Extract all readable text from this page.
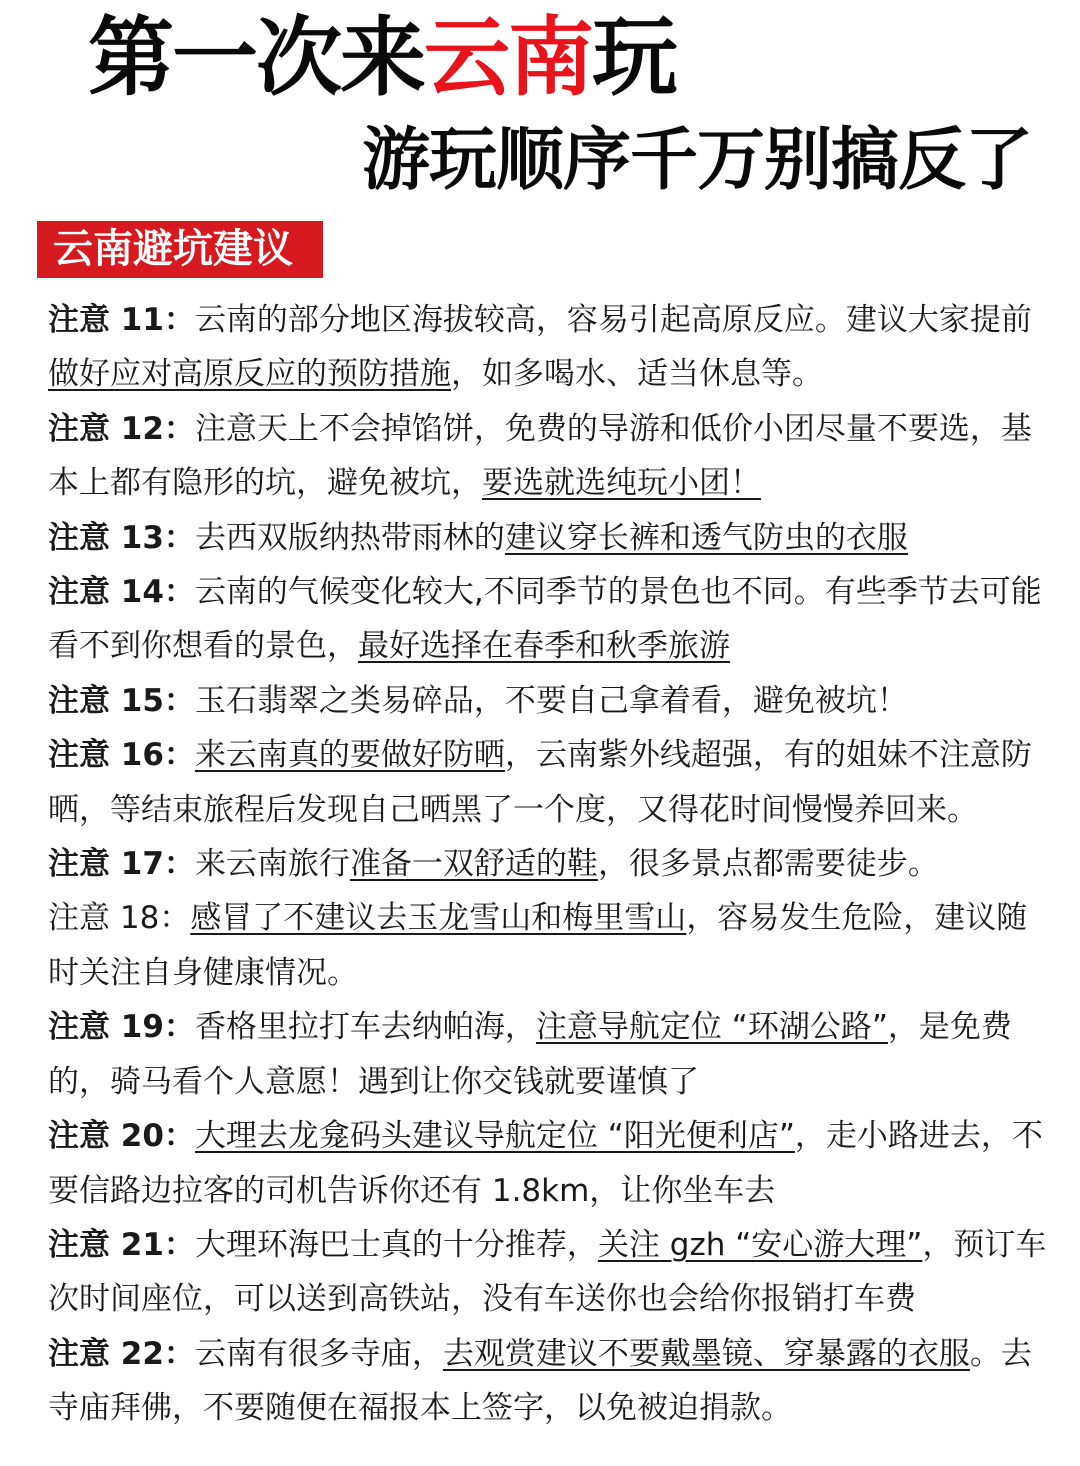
第一次来云南玩
游玩顺序千万别搞反了
云南避坑建议

注意 11：云南的部分地区海拔较高，容易引起高原反应。建议大家提前做好应对高原反应的预防措施，如多喝水、适当休息等。

注意 12：注意天上不会掉馅饼，免费的导游和低价小团尽量不要选，基本上都有隐形的坑，避免被坑，要选就选纯玩小团！

注意 13：去西双版纳热带雨林的建议穿长裤和透气防虫的衣服

注意 14：云南的气候变化较大,不同季节的景色也不同。有些季节去可能看不到你想看的景色，最好选择在春季和秋季旅游

注意 15：玉石翡翠之类易碎品，不要自己拿着看，避免被坑！

注意 16：来云南真的要做好防晒，云南紫外线超强，有的姐妹不注意防晒，等结束旅程后发现自己晒黑了一个度，又得花时间慢慢养回来。

注意 17：来云南旅行准备一双舒适的鞋，很多景点都需要徒步。

注意 18：感冒了不建议去玉龙雪山和梅里雪山，容易发生危险，建议随时关注自身健康情况。

注意 19：香格里拉打车去纳帕海，注意导航定位 “环湖公路”，是免费的，骑马看个人意愿！遇到让你交钱就要谨慎了

注意 20：大理去龙龛码头建议导航定位 “阳光便利店”，走小路进去，不要信路边拉客的司机告诉你还有 1.8km，让你坐车去

注意 21：大理环海巴士真的十分推荐，关注 gzh “安心游大理”，预订车次时间座位，可以送到高铁站，没有车送你也会给你报销打车费

注意 22：云南有很多寺庙，去观赏建议不要戴墨镜、穿暴露的衣服。去寺庙拜佛，不要随便在福报本上签字，以免被迫捐款。
